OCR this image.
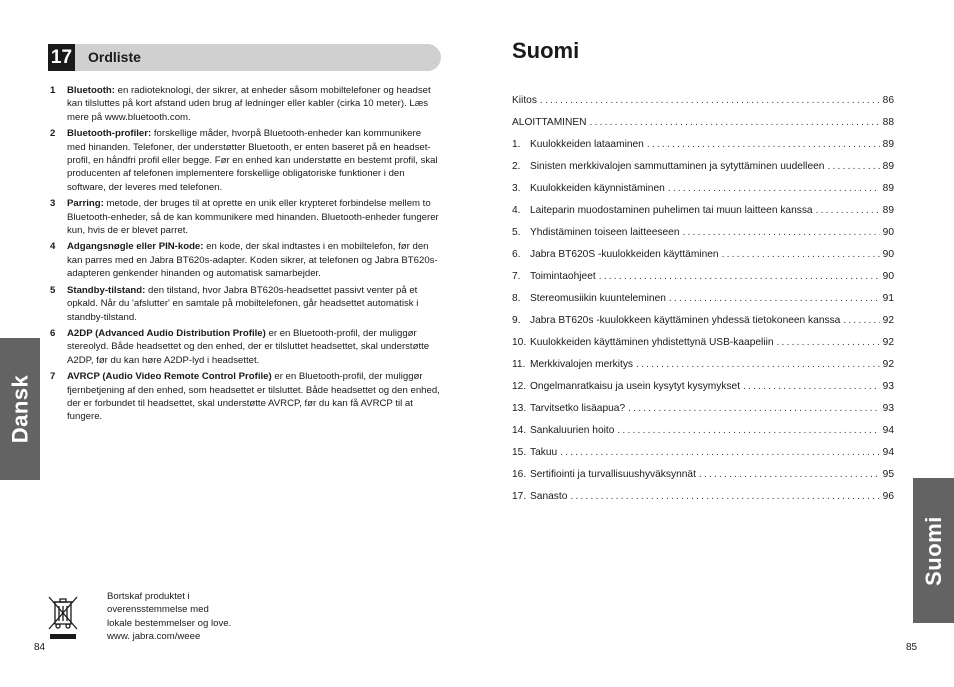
17 Ordliste
1 Bluetooth: en radioteknologi, der sikrer, at enheder såsom mobiltelefoner og headset kan tilsluttes på kort afstand uden brug af ledninger eller kabler (cirka 10 meter). Læs mere på www.bluetooth.com.
2 Bluetooth-profiler: forskellige måder, hvorpå Bluetooth-enheder kan kommunikere med hinanden. Telefoner, der understøtter Bluetooth, er enten baseret på en headset-profil, en håndfri profil eller begge. Før en enhed kan understøtte en bestemt profil, skal producenten af telefonen implementere forskellige obligatoriske funktioner i den software, der leveres med telefonen.
3 Parring: metode, der bruges til at oprette en unik eller krypteret forbindelse mellem to Bluetooth-enheder, så de kan kommunikere med hinanden. Bluetooth-enheder fungerer kun, hvis de er blevet parret.
4 Adgangsnøgle eller PIN-kode: en kode, der skal indtastes i en mobiltelefon, før den kan parres med en Jabra BT620s-adapter. Koden sikrer, at telefonen og Jabra BT620s-adapteren genkender hinanden og automatisk samarbejder.
5 Standby-tilstand: den tilstand, hvor Jabra BT620s-headsettet passivt venter på et opkald. Når du 'afslutter' en samtale på mobiltelefonen, går headsettet automatisk i standby-tilstand.
6 A2DP (Advanced Audio Distribution Profile) er en Bluetooth-profil, der muliggør stereolyd. Både headsettet og den enhed, der er tilsluttet headsettet, skal understøtte A2DP, før du kan høre A2DP-lyd i headsettet.
7 AVRCP (Audio Video Remote Control Profile) er en Bluetooth-profil, der muliggør fjernbetjening af den enhed, som headsettet er tilsluttet. Både headsettet og den enhed, der er forbundet til headsettet, skal understøtte AVRCP, før du kan få AVRCP til at fungere.
Dansk
Bortskaf produktet i
overensstemmelse med
lokale bestemmelser og love.
www. jabra.com/weee
84
Suomi
Kiitos .....	86
ALOITTAMINEN .....	88
1. Kuulokkeiden lataaminen .....	89
2. Sinisten merkkivalojen sammuttaminen ja sytyttäminen uudelleen .....	89
3. Kuulokkeiden käynnistäminen .....	89
4. Laiteparin muodostaminen puhelimen tai muun laitteen kanssa .....	89
5. Yhdistäminen toiseen laitteeseen .....	90
6. Jabra BT620S -kuulokkeiden käyttäminen .....	90
7. Toimintaohjeet .....	90
8. Stereomusiikin kuunteleminen .....	91
9. Jabra BT620s -kuulokkeen käyttäminen yhdessä tietokoneen kanssa .....	92
10. Kuulokkeiden käyttäminen yhdistettynä USB-kaapeliin .....	92
11. Merkkivalojen merkitys .....	92
12. Ongelmanratkaisu ja usein kysytyt kysymykset .....	93
13. Tarvitsetko lisäapua? .....	93
14. Sankaluurien hoito .....	94
15. Takuu .....	94
16. Sertifiointi ja turvallisuushyväksynnät .....	95
17. Sanasto .....	96
Suomi
85
